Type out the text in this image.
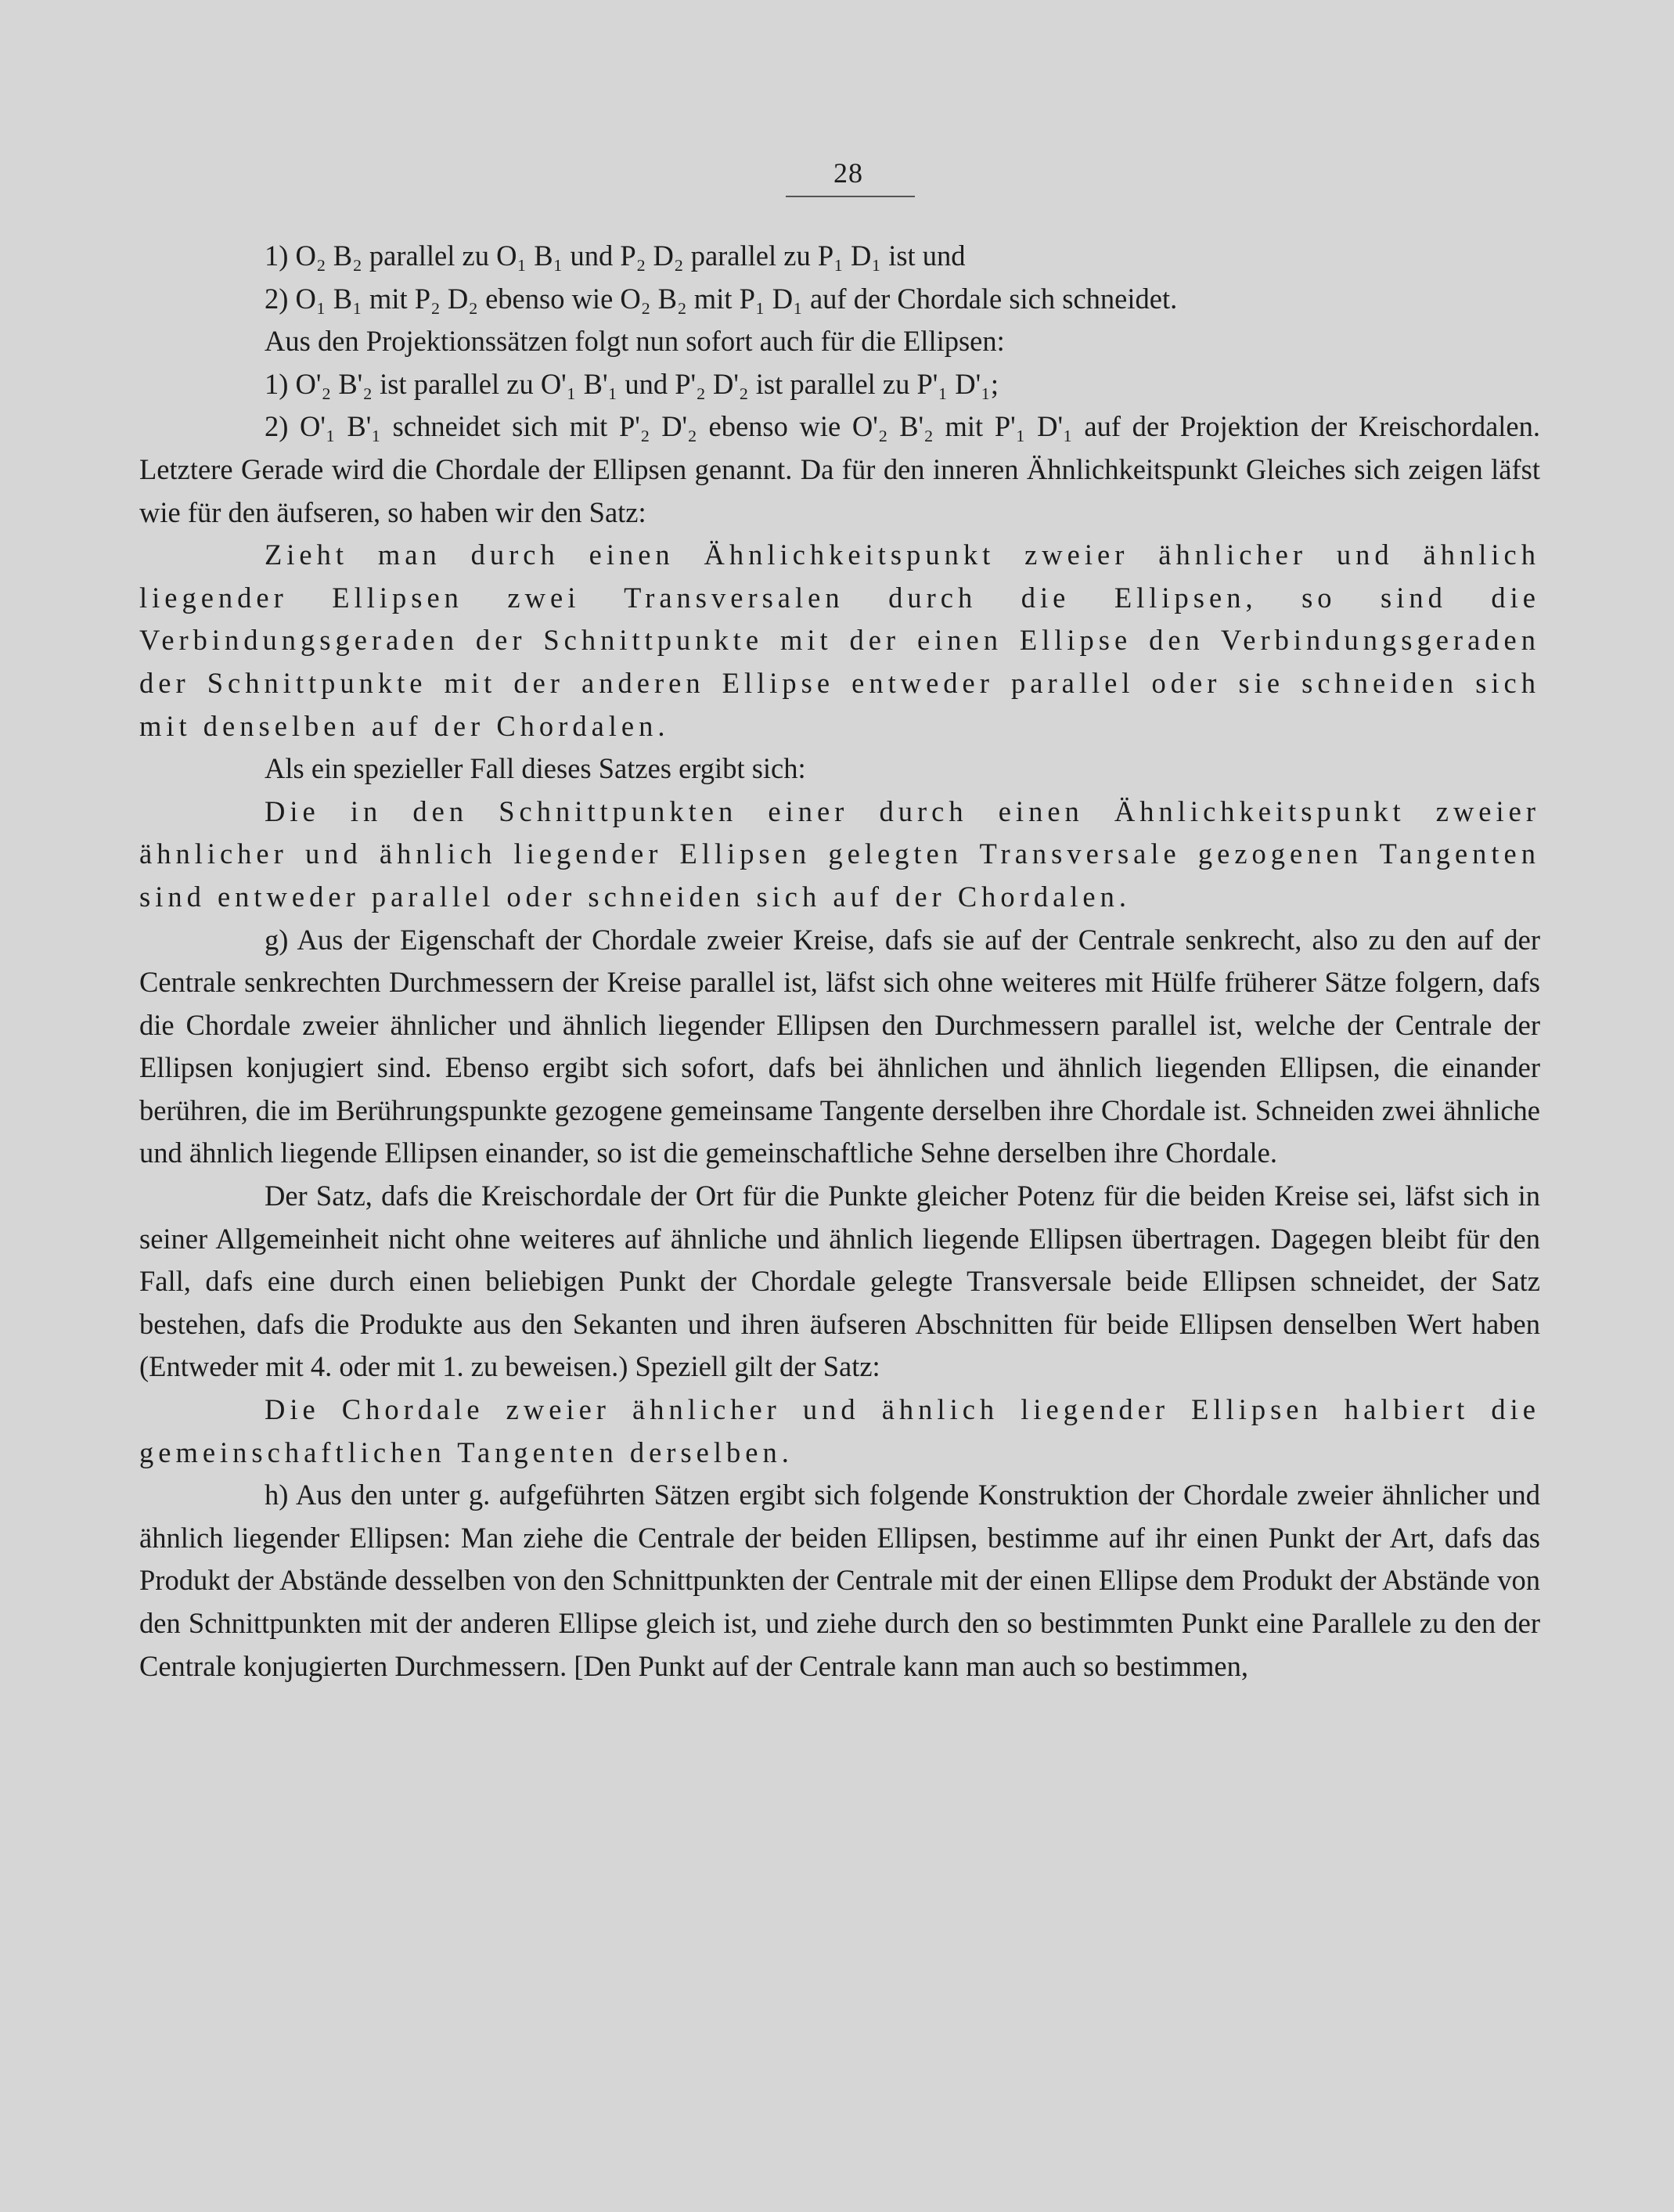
28

1) O₂ B₂ parallel zu O₁ B₁ und P₂ D₂ parallel zu P₁ D₁ ist und

2) O₁ B₁ mit P₂ D₂ ebenso wie O₂ B₂ mit P₁ D₁ auf der Chordale sich schneidet.

Aus den Projektionssätzen folgt nun sofort auch für die Ellipsen:

1) O'₂ B'₂ ist parallel zu O'₁ B'₁ und P'₂ D'₂ ist parallel zu P'₁ D'₁;

2) O'₁ B'₁ schneidet sich mit P'₂ D'₂ ebenso wie O'₂ B'₂ mit P'₁ D'₁ auf der Projektion der Kreischordalen. Letztere Gerade wird die Chordale der Ellipsen genannt. Da für den inneren Ähnlichkeitspunkt Gleiches sich zeigen läfst wie für den äufseren, so haben wir den Satz:

Zieht man durch einen Ähnlichkeitspunkt zweier ähnlicher und ähnlich liegender Ellipsen zwei Transversalen durch die Ellipsen, so sind die Verbindungsgeraden der Schnittpunkte mit der einen Ellipse den Verbindungsgeraden der Schnittpunkte mit der anderen Ellipse entweder parallel oder sie schneiden sich mit denselben auf der Chordalen.

Als ein spezieller Fall dieses Satzes ergibt sich:

Die in den Schnittpunkten einer durch einen Ähnlichkeitspunkt zweier ähnlicher und ähnlich liegender Ellipsen gelegten Transversale gezogenen Tangenten sind entweder parallel oder schneiden sich auf der Chordalen.

g) Aus der Eigenschaft der Chordale zweier Kreise, dafs sie auf der Centrale senkrecht, also zu den auf der Centrale senkrechten Durchmessern der Kreise parallel ist, läfst sich ohne weiteres mit Hülfe früherer Sätze folgern, dafs die Chordale zweier ähnlicher und ähnlich liegender Ellipsen den Durchmessern parallel ist, welche der Centrale der Ellipsen konjugiert sind. Ebenso ergibt sich sofort, dafs bei ähnlichen und ähnlich liegenden Ellipsen, die einander berühren, die im Berührungspunkte gezogene gemeinsame Tangente derselben ihre Chordale ist. Schneiden zwei ähnliche und ähnlich liegende Ellipsen einander, so ist die gemeinschaftliche Sehne derselben ihre Chordale.

Der Satz, dafs die Kreischordale der Ort für die Punkte gleicher Potenz für die beiden Kreise sei, läfst sich in seiner Allgemeinheit nicht ohne weiteres auf ähnliche und ähnlich liegende Ellipsen übertragen. Dagegen bleibt für den Fall, dafs eine durch einen beliebigen Punkt der Chordale gelegte Transversale beide Ellipsen schneidet, der Satz bestehen, dafs die Produkte aus den Sekanten und ihren äufseren Abschnitten für beide Ellipsen denselben Wert haben (Entweder mit 4. oder mit 1. zu beweisen.) Speziell gilt der Satz:

Die Chordale zweier ähnlicher und ähnlich liegender Ellipsen halbiert die gemeinschaftlichen Tangenten derselben.

h) Aus den unter g. aufgeführten Sätzen ergibt sich folgende Konstruktion der Chordale zweier ähnlicher und ähnlich liegender Ellipsen: Man ziehe die Centrale der beiden Ellipsen, bestimme auf ihr einen Punkt der Art, dafs das Produkt der Abstände desselben von den Schnittpunkten der Centrale mit der einen Ellipse dem Produkt der Abstände von den Schnittpunkten mit der anderen Ellipse gleich ist, und ziehe durch den so bestimmten Punkt eine Parallele zu den der Centrale konjugierten Durchmessern. [Den Punkt auf der Centrale kann man auch so bestimmen,
